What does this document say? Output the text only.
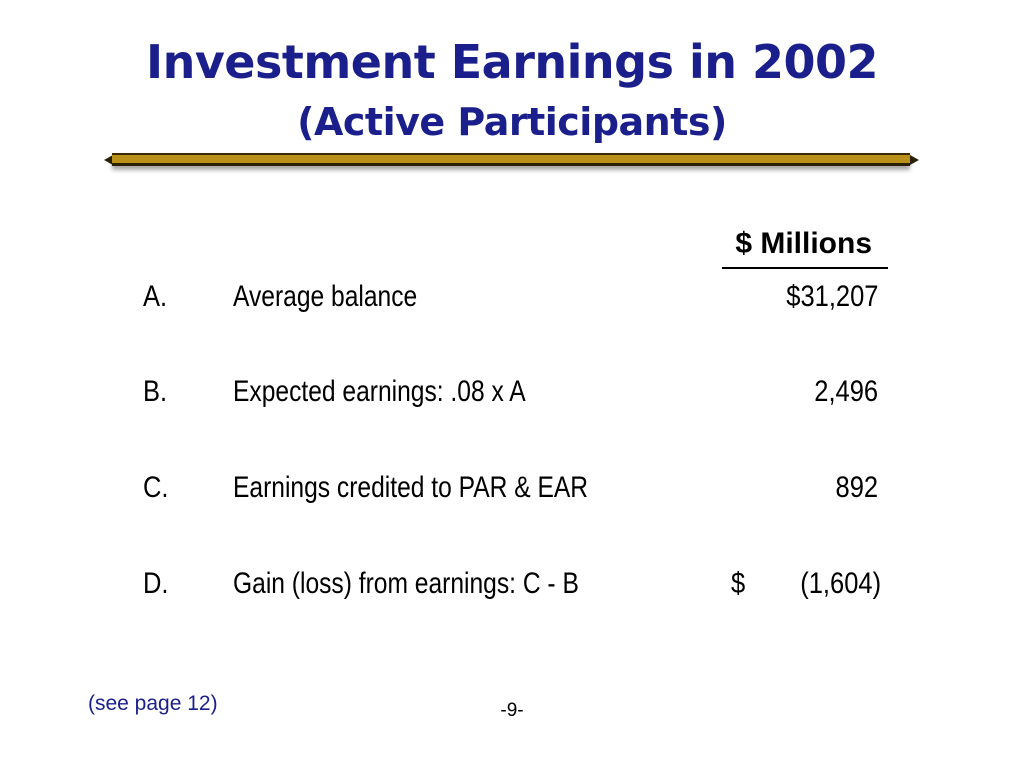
Investment Earnings in 2002
(Active Participants)
$ Millions
A. Average balance	$31,207
B. Expected earnings: .08 x A	2,496
C. Earnings credited to PAR & EAR	892
D. Gain (loss) from earnings: C - B	$ (1,604)
(see page 12)	-9-
